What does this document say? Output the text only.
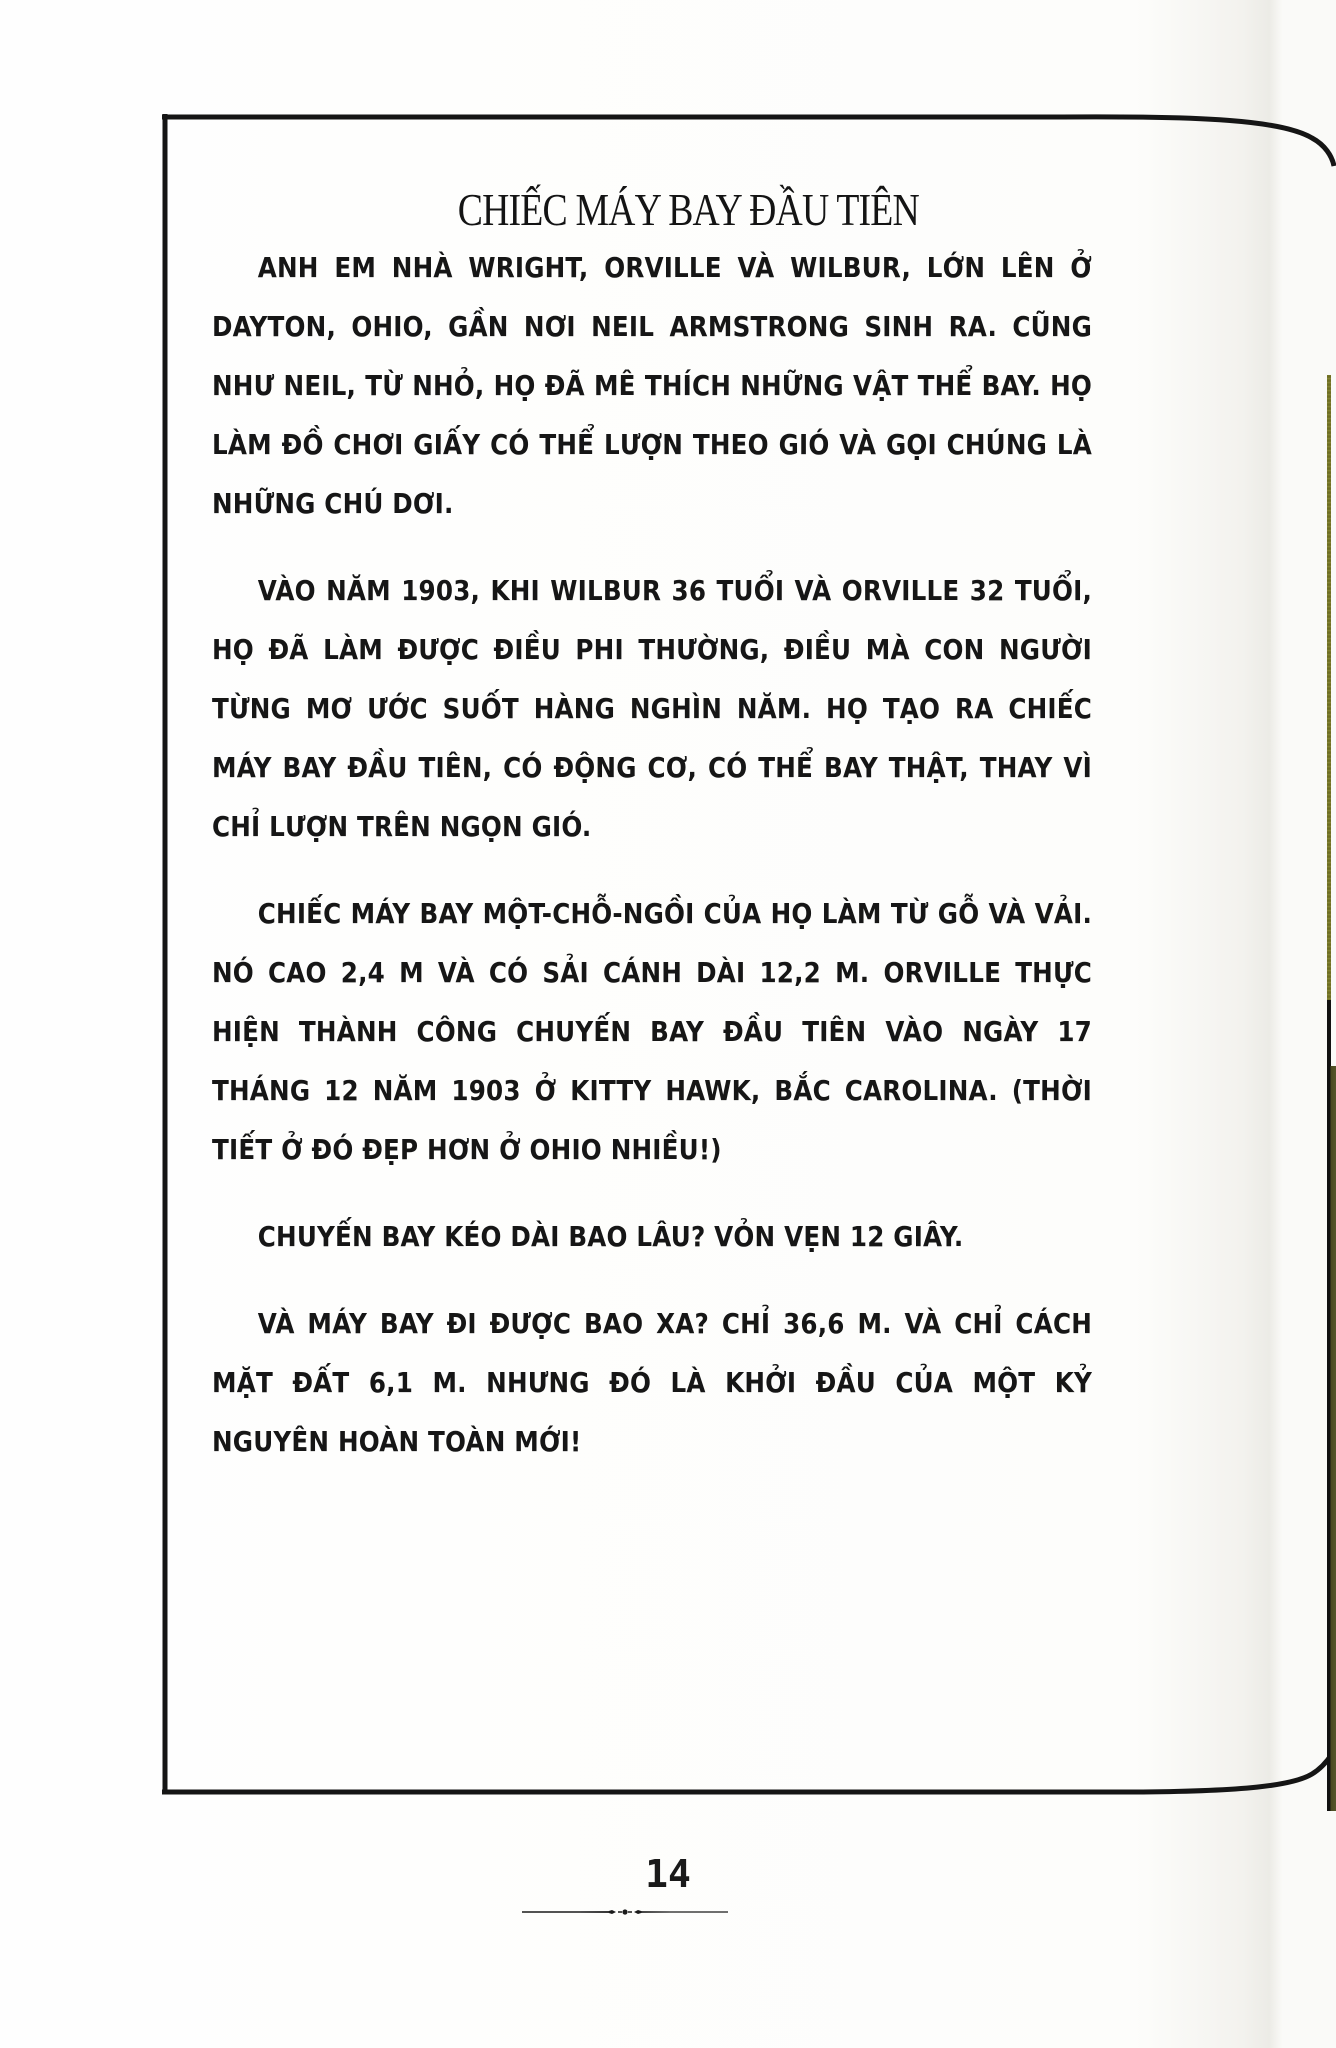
CHIẾC MÁY BAY ĐẦU TIÊN

ANH EM NHÀ WRIGHT, ORVILLE VÀ WILBUR, LỚN LÊN Ở DAYTON, OHIO, GẦN NƠI NEIL ARMSTRONG SINH RA. CŨNG NHƯ NEIL, TỪ NHỎ, HỌ ĐÃ MÊ THÍCH NHỮNG VẬT THỂ BAY. HỌ LÀM ĐỒ CHƠI GIẤY CÓ THỂ LƯỢN THEO GIÓ VÀ GỌI CHÚNG LÀ NHỮNG CHÚ DƠI.

VÀO NĂM 1903, KHI WILBUR 36 TUỔI VÀ ORVILLE 32 TUỔI, HỌ ĐÃ LÀM ĐƯỢC ĐIỀU PHI THƯỜNG, ĐIỀU MÀ CON NGƯỜI TỪNG MƠ ƯỚC SUỐT HÀNG NGHÌN NĂM. HỌ TẠO RA CHIẾC MÁY BAY ĐẦU TIÊN, CÓ ĐỘNG CƠ, CÓ THỂ BAY THẬT, THAY VÌ CHỈ LƯỢN TRÊN NGỌN GIÓ.

CHIẾC MÁY BAY MỘT-CHỖ-NGỒI CỦA HỌ LÀM TỪ GỖ VÀ VẢI. NÓ CAO 2,4 M VÀ CÓ SẢI CÁNH DÀI 12,2 M. ORVILLE THỰC HIỆN THÀNH CÔNG CHUYẾN BAY ĐẦU TIÊN VÀO NGÀY 17 THÁNG 12 NĂM 1903 Ở KITTY HAWK, BẮC CAROLINA. (THỜI TIẾT Ở ĐÓ ĐẸP HƠN Ở OHIO NHIỀU!)

CHUYẾN BAY KÉO DÀI BAO LÂU? VỎN VẸN 12 GIÂY.

VÀ MÁY BAY ĐI ĐƯỢC BAO XA? CHỈ 36,6 M. VÀ CHỈ CÁCH MẶT ĐẤT 6,1 M. NHƯNG ĐÓ LÀ KHỞI ĐẦU CỦA MỘT KỶ NGUYÊN HOÀN TOÀN MỚI!

14
